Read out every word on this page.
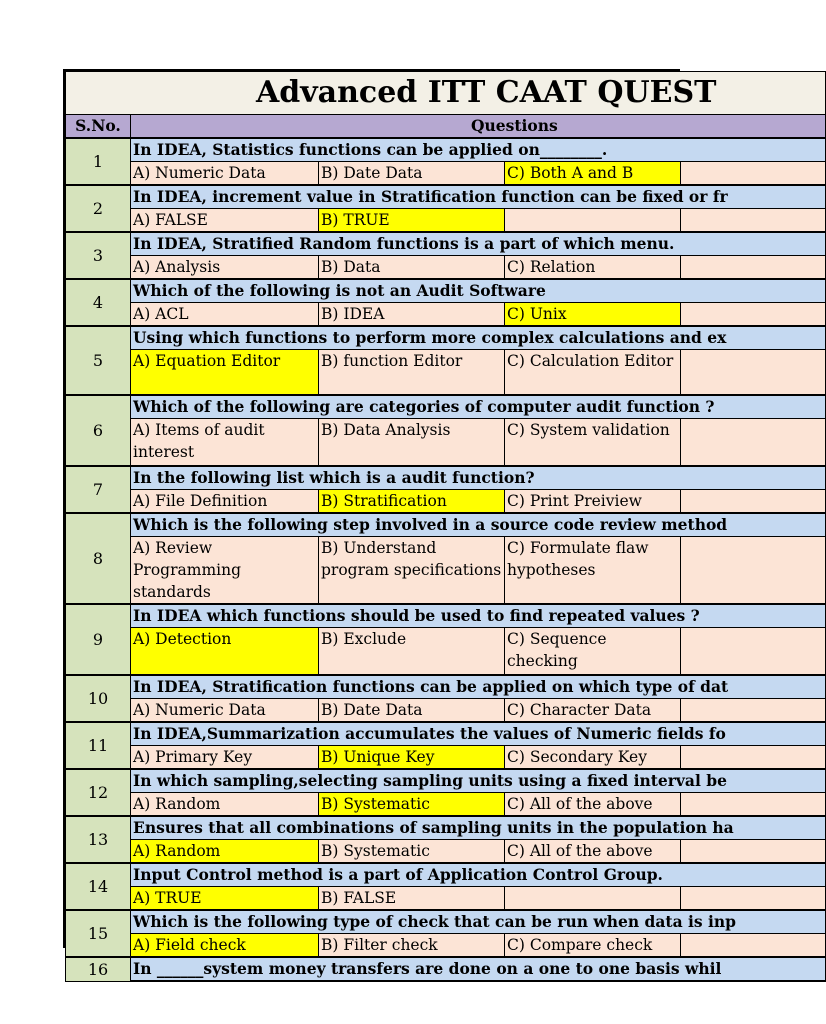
Advanced ITT CAAT QUEST				
S.No.	Questions			
1	In IDEA, Statistics functions can be applied on________.			
	A) Numeric Data	B) Date Data	C) Both A and B	
2	In IDEA, increment value in Stratification function can be fixed or fr			
	A) FALSE	B) TRUE		
3	In IDEA, Stratified Random functions is a part of which menu.			
	A) Analysis	B) Data	C) Relation	
4	Which of the following is not an Audit Software			
	A) ACL	B) IDEA	C) Unix	
5	Using which functions to perform more complex calculations and ex			
	A) Equation Editor	B) function Editor	C) Calculation Editor	
6	Which of the following are categories of computer audit function ?			
	A) Items of audit interest	B) Data Analysis	C) System validation	
7	In the following list which is a audit function?			
	A) File Definition	B) Stratification	C) Print Preiview	
8	Which is the following step involved in a source code review method			
	A) Review Programming standards	B) Understand program specifications	C) Formulate flaw hypotheses	
9	In IDEA which functions should be used to find repeated values ?			
	A) Detection	B) Exclude	C) Sequence checking	
10	In IDEA, Stratification functions can be applied on which type of dat			
	A) Numeric Data	B) Date Data	C) Character Data	
11	In IDEA,Summarization accumulates the values of Numeric fields fo			
	A) Primary Key	B) Unique Key	C) Secondary Key	
12	In which sampling,selecting sampling units using a fixed interval be			
	A) Random	B) Systematic	C) All of the above	
13	Ensures that all combinations of sampling units in the population ha			
	A) Random	B) Systematic	C) All of the above	
14	Input Control method is a part of Application Control Group.			
	A) TRUE	B) FALSE		
15	Which is the following type of check that can be run when data is inp			
	A) Field check	B) Filter check	C) Compare check	
16	In ______system money transfers are done on a one to one basis whil			
